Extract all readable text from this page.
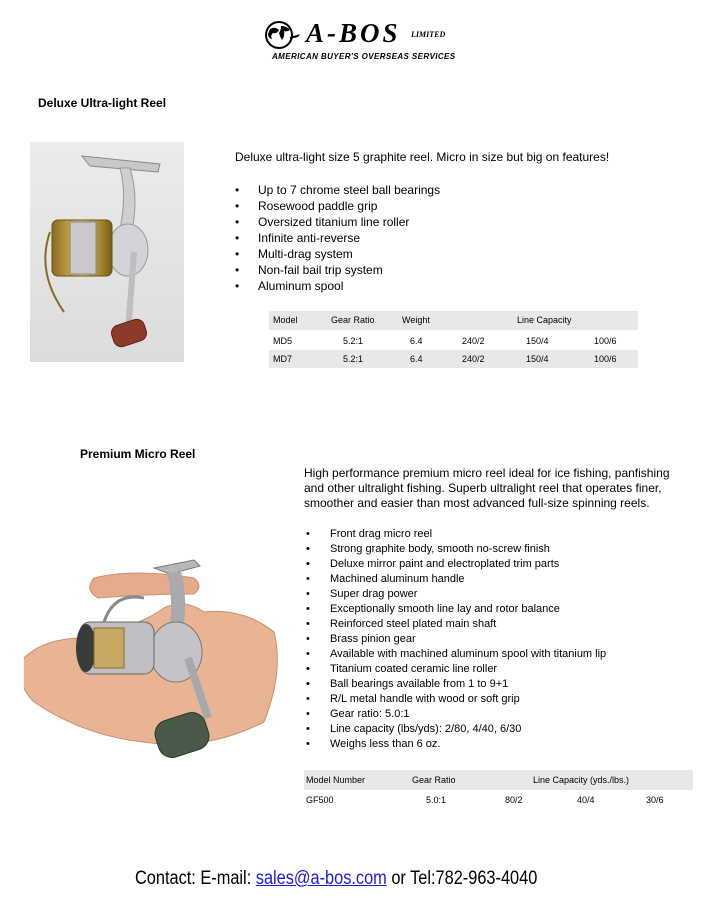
A-BOS LIMITED
AMERICAN BUYER'S OVERSEAS SERVICES
Deluxe Ultra-light Reel
Deluxe ultra-light size 5 graphite reel. Micro in size but big on features!
• Up to 7 chrome steel ball bearings
• Rosewood paddle grip
• Oversized titanium line roller
• Infinite anti-reverse
• Multi-drag system
• Non-fail bail trip system
• Aluminum spool
Model	Gear Ratio	Weight	Line Capacity
MD5	5.2:1	6.4	240/2	150/4	100/6
MD7	5.2:1	6.4	240/2	150/4	100/6
Premium Micro Reel
High performance premium micro reel ideal for ice fishing, panfishing and other ultralight fishing. Superb ultralight reel that operates finer, smoother and easier than most advanced full-size spinning reels.
• Front drag micro reel
• Strong graphite body, smooth no-screw finish
• Deluxe mirror paint and electroplated trim parts
• Machined aluminum handle
• Super drag power
• Exceptionally smooth line lay and rotor balance
• Reinforced steel plated main shaft
• Brass pinion gear
• Available with machined aluminum spool with titanium lip
• Titanium coated ceramic line roller
• Ball bearings available from 1 to 9+1
• R/L metal handle with wood or soft grip
• Gear ratio: 5.0:1
• Line capacity (lbs/yds): 2/80, 4/40, 6/30
• Weighs less than 6 oz.
Model Number	Gear Ratio	Line Capacity (yds./lbs.)
GF500	5.0:1	80/2	40/4	30/6
Contact: E-mail: sales@a-bos.com or Tel:782-963-4040
